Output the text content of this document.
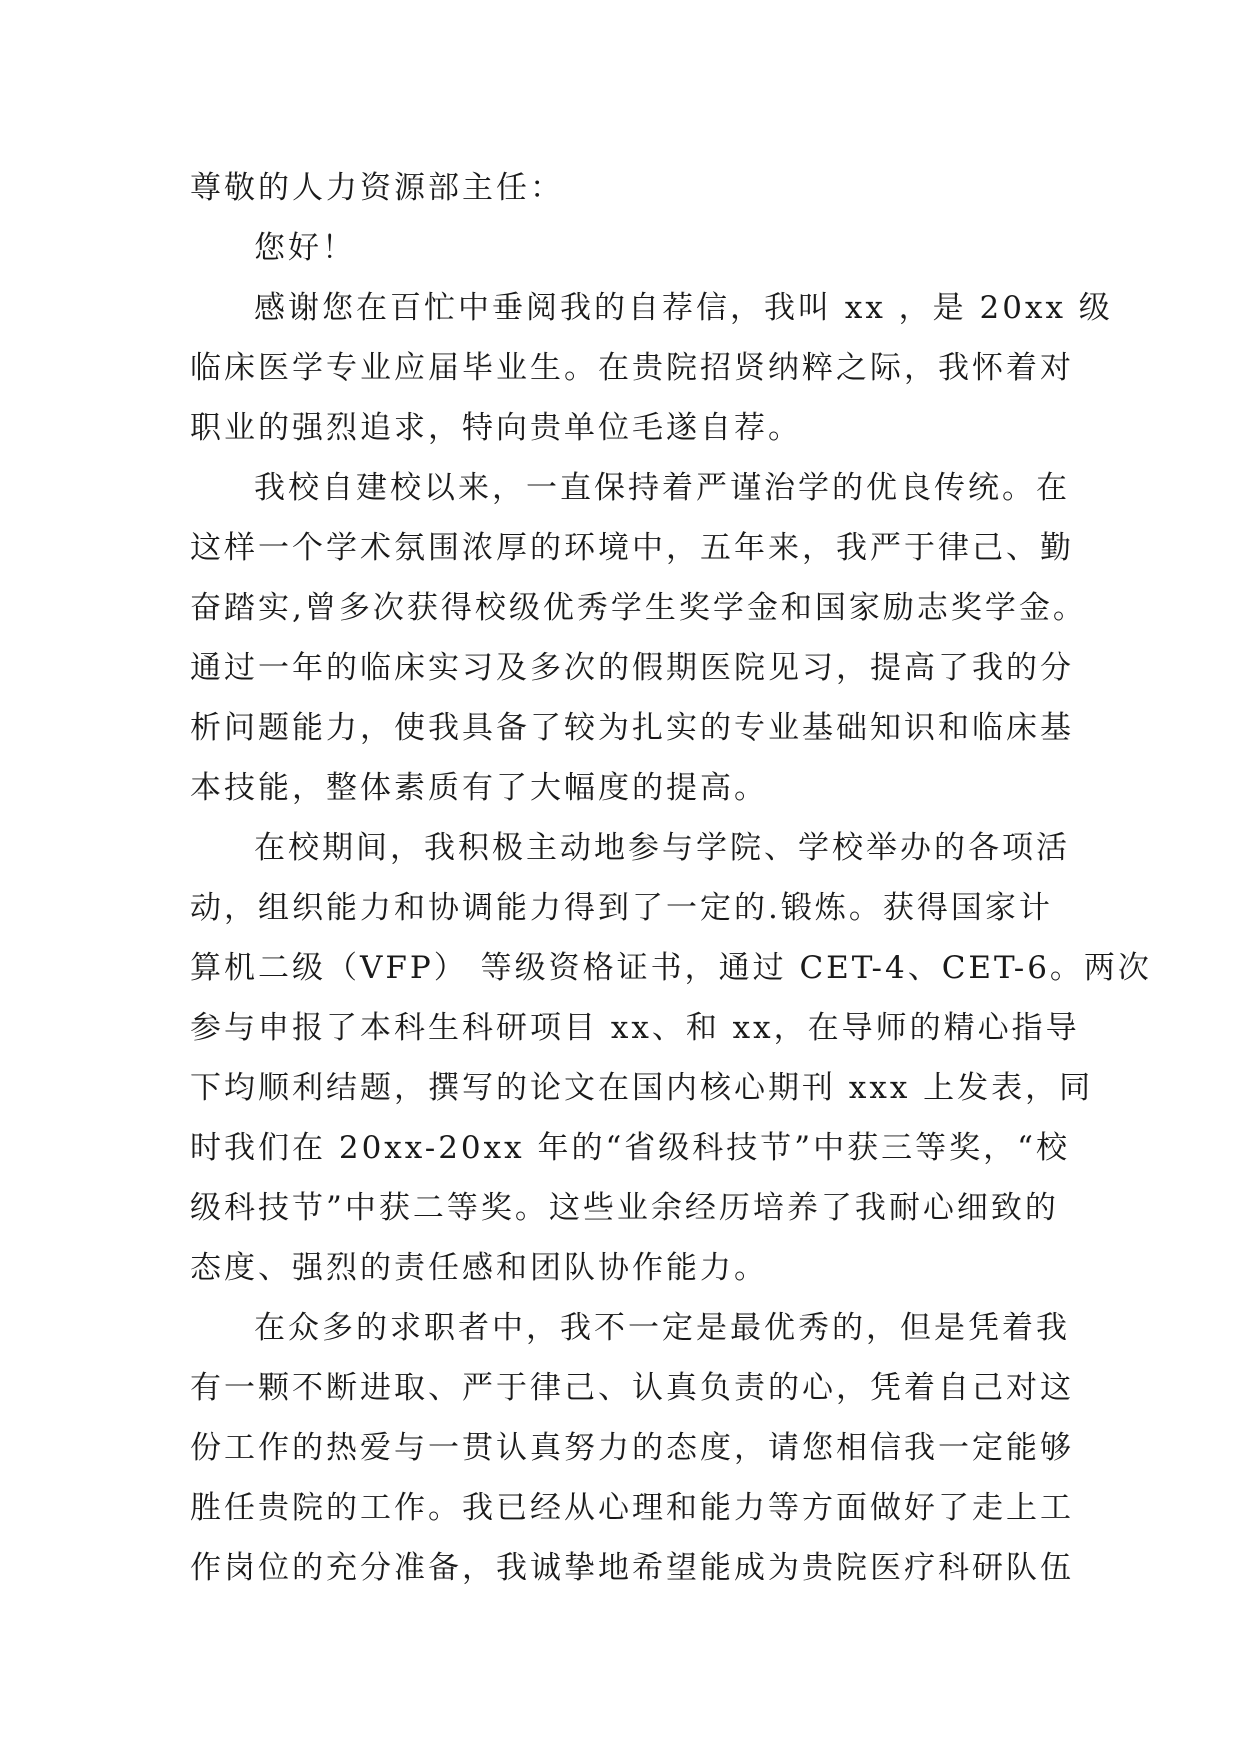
尊敬的人力资源部主任：
您好！
感谢您在百忙中垂阅我的自荐信，我叫 xx ，是 20xx 级
临床医学专业应届毕业生。在贵院招贤纳粹之际，我怀着对
职业的强烈追求，特向贵单位毛遂自荐。
我校自建校以来，一直保持着严谨治学的优良传统。在
这样一个学术氛围浓厚的环境中，五年来，我严于律己、勤
奋踏实,曾多次获得校级优秀学生奖学金和国家励志奖学金。
通过一年的临床实习及多次的假期医院见习，提高了我的分
析问题能力，使我具备了较为扎实的专业基础知识和临床基
本技能，整体素质有了大幅度的提高。
在校期间，我积极主动地参与学院、学校举办的各项活
动，组织能力和协调能力得到了一定的.锻炼。获得国家计
算机二级（VFP） 等级资格证书，通过 CET-4、CET-6。两次
参与申报了本科生科研项目 xx、和 xx，在导师的精心指导
下均顺利结题，撰写的论文在国内核心期刊 xxx 上发表，同
时我们在 20xx-20xx 年的“省级科技节”中获三等奖，“校
级科技节”中获二等奖。这些业余经历培养了我耐心细致的
态度、强烈的责任感和团队协作能力。
在众多的求职者中，我不一定是最优秀的，但是凭着我
有一颗不断进取、严于律己、认真负责的心，凭着自己对这
份工作的热爱与一贯认真努力的态度，请您相信我一定能够
胜任贵院的工作。我已经从心理和能力等方面做好了走上工
作岗位的充分准备，我诚挚地希望能成为贵院医疗科研队伍
